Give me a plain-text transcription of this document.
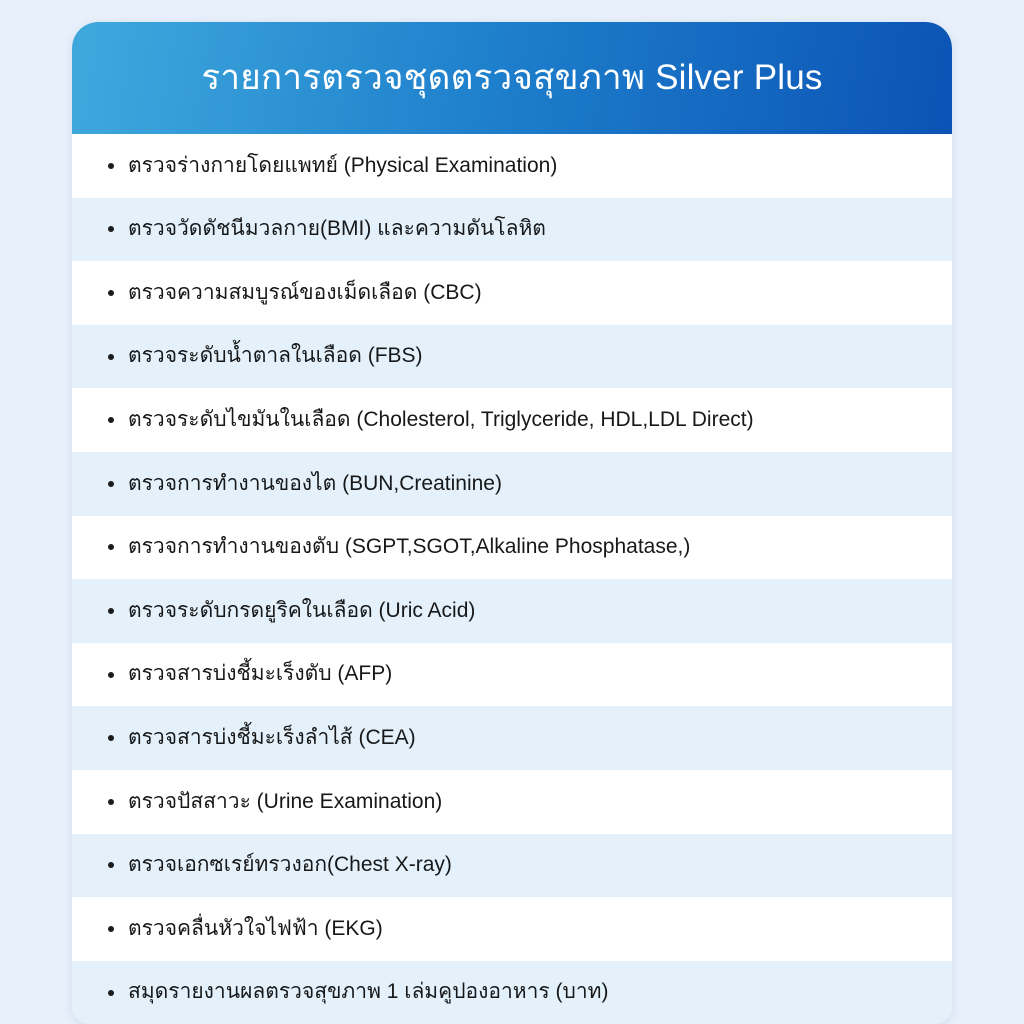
รายการตรวจชุดตรวจสุขภาพ Silver Plus
ตรวจร่างกายโดยแพทย์ (Physical Examination)
ตรวจวัดดัชนีมวลกาย(BMI) และความดันโลหิต
ตรวจความสมบูรณ์ของเม็ดเลือด (CBC)
ตรวจระดับน้ำตาลในเลือด (FBS)
ตรวจระดับไขมันในเลือด (Cholesterol, Triglyceride, HDL,LDL Direct)
ตรวจการทำงานของไต (BUN,Creatinine)
ตรวจการทำงานของตับ (SGPT,SGOT,Alkaline Phosphatase,)
ตรวจระดับกรดยูริคในเลือด (Uric Acid)
ตรวจสารบ่งชี้มะเร็งตับ (AFP)
ตรวจสารบ่งชี้มะเร็งลำไส้ (CEA)
ตรวจปัสสาวะ (Urine Examination)
ตรวจเอกซเรย์ทรวงอก(Chest X-ray)
ตรวจคลื่นหัวใจไฟฟ้า (EKG)
สมุดรายงานผลตรวจสุขภาพ 1 เล่มคูปองอาหาร (บาท)
